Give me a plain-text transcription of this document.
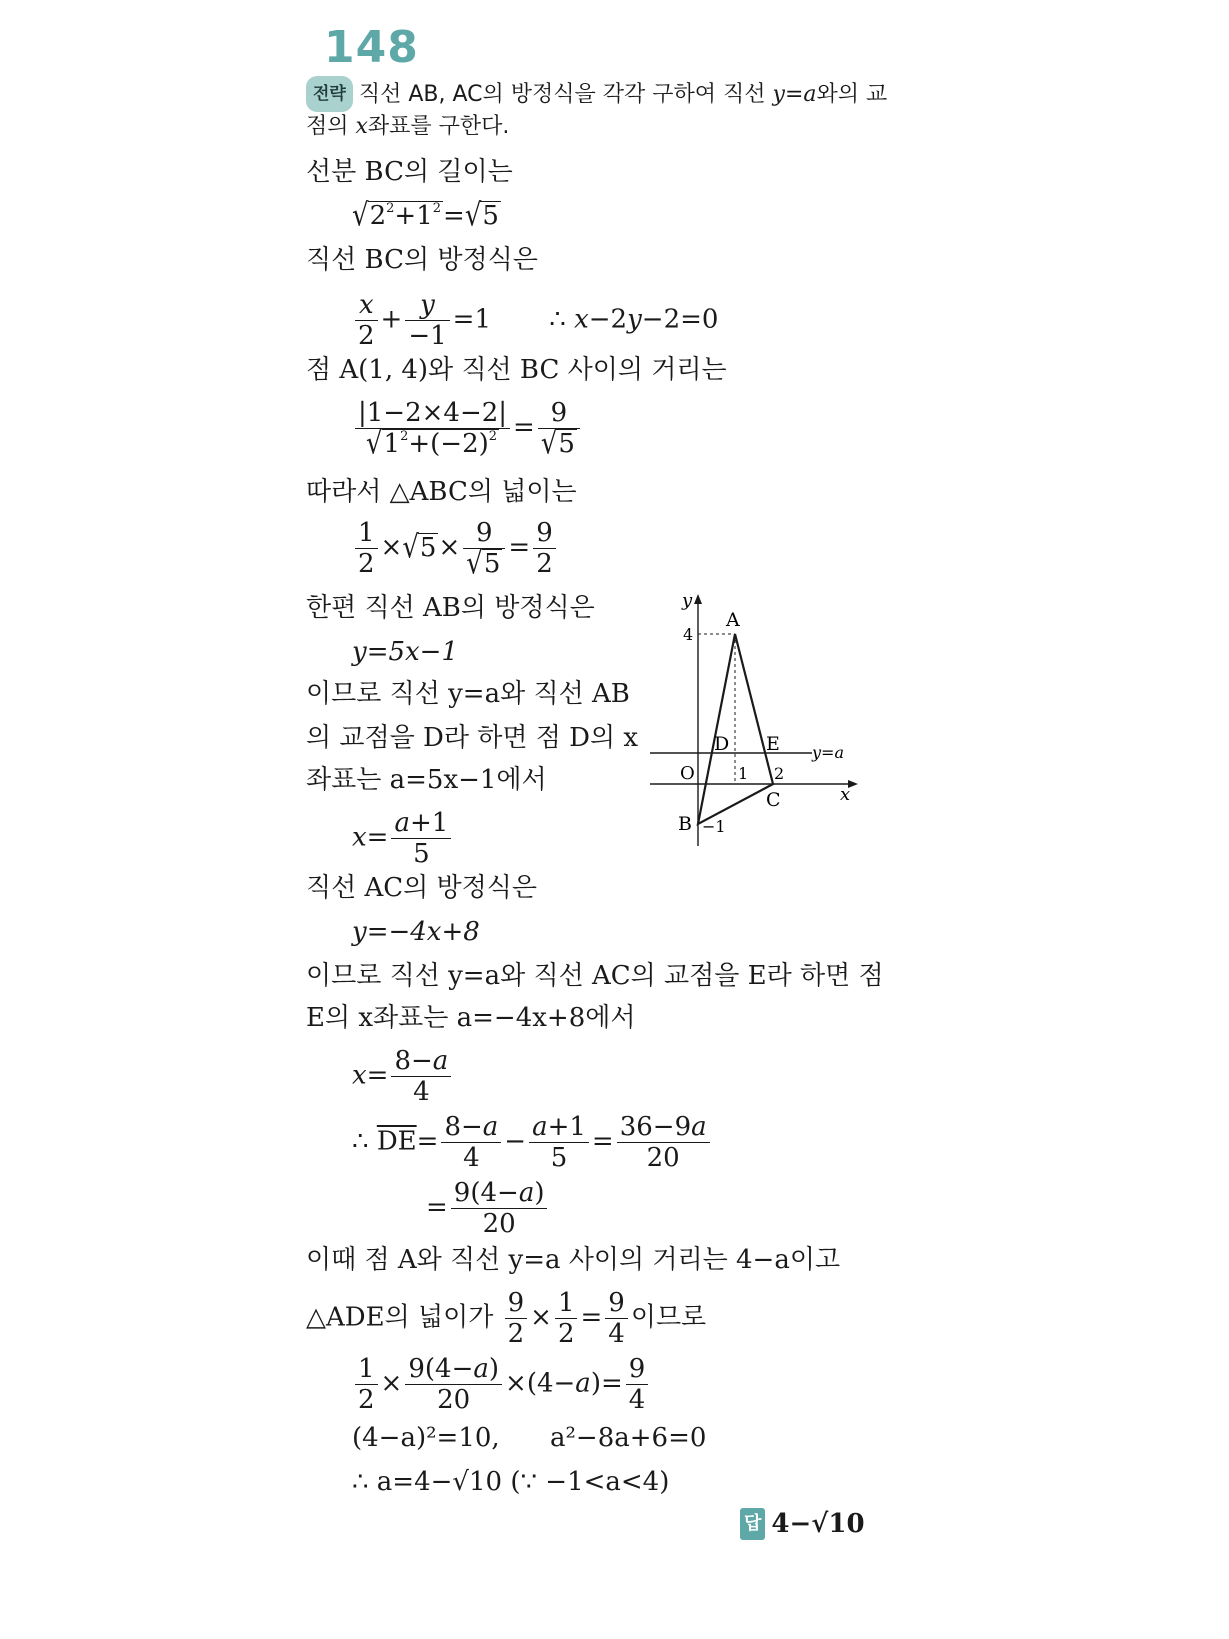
148
전략 직선 AB, AC의 방정식을 각각 구하여 직선 y=a와의 교
점의 x좌표를 구한다.
선분 BC의 길이는
$√2^2+1^2=√5$
직선 BC의 방정식은
$\frac{x}{2} + \frac{y}{-1} =1$ ∴ x−2y−2=0
점 A(1, 4)와 직선 BC 사이의 거리는
$\frac{|1-2\times 4-2|}{√1^2+(-2)^2} = \frac{9}{√5}$
따라서 △ABC의 넓이는
$\frac{1}{2} \times√5\times \frac{9}{√5} = \frac{9}{2}$
한편 직선 AB의 방정식은
y=5x−1
이므로 직선 y=a와 직선 AB
의 교점을 D라 하면 점 D의 x
좌표는 a=5x−1에서
$x= \frac{a+1}{5}$
직선 AC의 방정식은
y=−4x+8
이므로 직선 y=a와 직선 AC의 교점을 E라 하면 점
E의 x좌표는 a=−4x+8에서
$x= \frac{8-a}{4}$
∴ $\overline{DE}= \frac{8-a}{4} - \frac{a+1}{5} = \frac{36-9a}{20}$
= $\frac{9(4-a)}{20}$
이때 점 A와 직선 y=a 사이의 거리는 4−a이고
△ADE의 넓이가 $\frac{9}{2} \times \frac{1}{2} = \frac{9}{4}$ 이므로
$\frac{1}{2} \times \frac{9(4-a)}{20} \times(4-a)= \frac{9}{4}$
(4−a)²=10, a²−8a+6=0
∴ a=4−√10 (∵ −1<a<4)
답 4−√10
y
x
O
A
B
C
D E
4
1 2
−1
y=a
